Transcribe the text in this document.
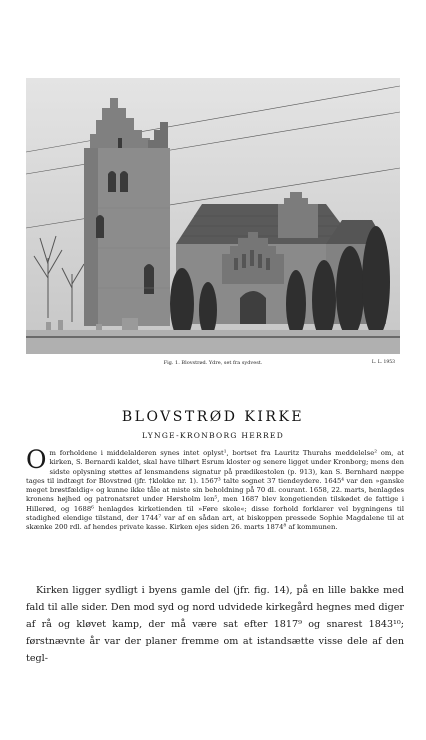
Fig. 1. Blovstrød. Ydre, set fra sydvest.	L. L. 1953
BLOVSTRØD KIRKE
LYNGE-KRONBORG HERRED

Om forholdene i middelalderen synes intet oplyst¹, bortset fra Lauritz Thurahs meddelelse² om, at kirken, S. Bernardi kaldet, skal have tilhørt Esrum kloster og senere ligget under Kronborg; mens den sidste oplysning støttes af lensmandens signatur på prædikestolen (p. 913), kan S. Bernhard næppe tages til indtægt for Blovstrød (jfr. †klokke nr. 1). 1567³ talte sognet 37 tiendeydere. 1645⁴ var den »ganske meget brøstfældig« og kunne ikke tåle at miste sin beholdning på 70 dl. courant. 1658, 22. marts, henlagdes kronens højhed og patronatsret under Hørsholm len⁵, men 1687 blev kongetienden tilskødet de fattige i Hillerød, og 1688⁶ henlagdes kirketienden til »Føre skole«; disse forhold forklarer vel bygningens til stadighed elendige tilstand, der 1744⁷ var af en sådan art, at biskoppen pressede Sophie Magdalene til at skænke 200 rdl. af hendes private kasse. Kirken ejes siden 26. marts 1874⁸ af kommunen.

Kirken ligger sydligt i byens gamle del (jfr. fig. 14), på en lille bakke med fald til alle sider. Den mod syd og nord udvidede kirkegård hegnes med diger af rå og kløvet kamp, der må være sat efter 1817⁹ og snarest 1843¹⁰; førstnævnte år var der planer fremme om at istandsætte visse dele af den tegl-
